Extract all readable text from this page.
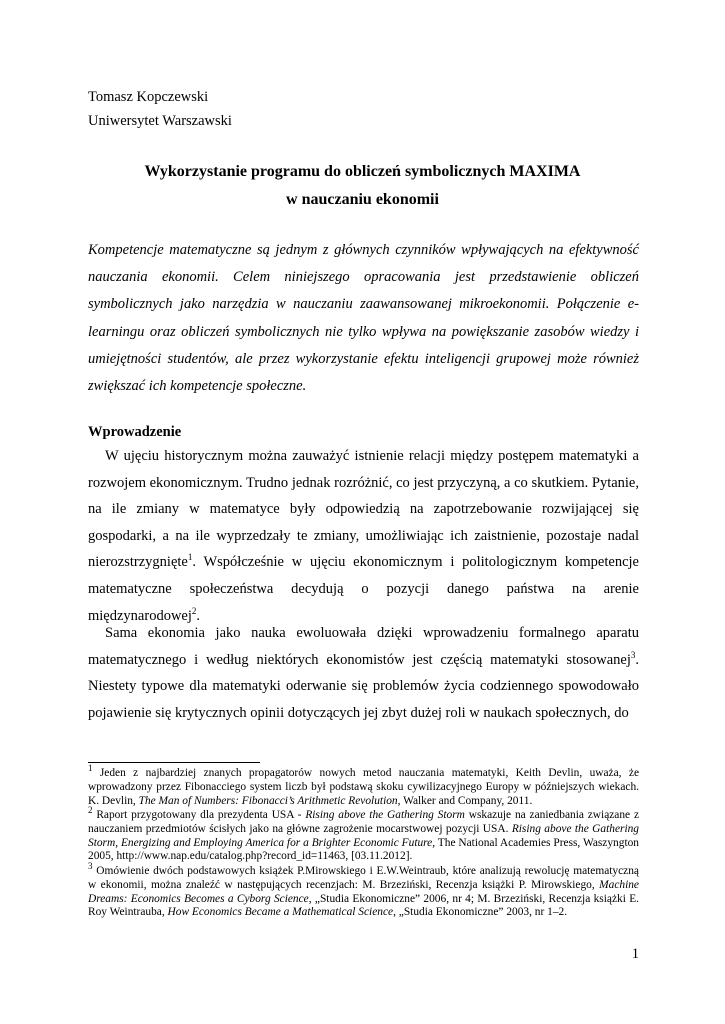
Tomasz Kopczewski
Uniwersytet Warszawski
Wykorzystanie programu do obliczeń symbolicznych MAXIMA
w nauczaniu ekonomii

Kompetencje matematyczne są jednym z głównych czynników wpływających na efektywność nauczania ekonomii. Celem niniejszego opracowania jest przedstawienie obliczeń symbolicznych jako narzędzia w nauczaniu zaawansowanej mikroekonomii. Połączenie e-learningu oraz obliczeń symbolicznych nie tylko wpływa na powiększanie zasobów wiedzy i umiejętności studentów, ale przez wykorzystanie efektu inteligencji grupowej może również zwiększać ich kompetencje społeczne.

Wprowadzenie

W ujęciu historycznym można zauważyć istnienie relacji między postępem matematyki a rozwojem ekonomicznym. Trudno jednak rozróżnić, co jest przyczyną, a co skutkiem. Pytanie, na ile zmiany w matematyce były odpowiedzią na zapotrzebowanie rozwijającej się gospodarki, a na ile wyprzedzały te zmiany, umożliwiając ich zaistnienie, pozostaje nadal nierozstrzygnięte$^1$. Współcześnie w ujęciu ekonomicznym i politologicznym kompetencje matematyczne społeczeństwa decydują o pozycji danego państwa na arenie międzynarodowej$^2$.

Sama ekonomia jako nauka ewoluowała dzięki wprowadzeniu formalnego aparatu matematycznego i według niektórych ekonomistów jest częścią matematyki stosowanej$^3$. Niestety typowe dla matematyki oderwanie się problemów życia codziennego spowodowało pojawienie się krytycznych opinii dotyczących jej zbyt dużej roli w naukach społecznych, do

$^1$ Jeden z najbardziej znanych propagatorów nowych metod nauczania matematyki, Keith Devlin, uważa, że wprowadzony przez Fibonacciego system liczb był podstawą skoku cywilizacyjnego Europy w późniejszych wiekach. K. Devlin, The Man of Numbers: Fibonacci’s Arithmetic Revolution, Walker and Company, 2011.

$^2$ Raport przygotowany dla prezydenta USA - Rising above the Gathering Storm wskazuje na zaniedbania związane z nauczaniem przedmiotów ścisłych jako na główne zagrożenie mocarstwowej pozycji USA. Rising above the Gathering Storm, Energizing and Employing America for a Brighter Economic Future, The National Academies Press, Waszyngton 2005, http://www.nap.edu/catalog.php?record_id=11463, [03.11.2012].

$^3$ Omówienie dwóch podstawowych książek P.Mirowskiego i E.W.Weintraub, które analizują rewolucję matematyczną w ekonomii, można znaleźć w następujących recenzjach: M. Brzeziński, Recenzja książki P. Mirowskiego, Machine Dreams: Economics Becomes a Cyborg Science, „Studia Ekonomiczne” 2006, nr 4; M. Brzeziński, Recenzja książki E. Roy Weintrauba, How Economics Became a Mathematical Science, „Studia Ekonomiczne” 2003, nr 1–2.

1
